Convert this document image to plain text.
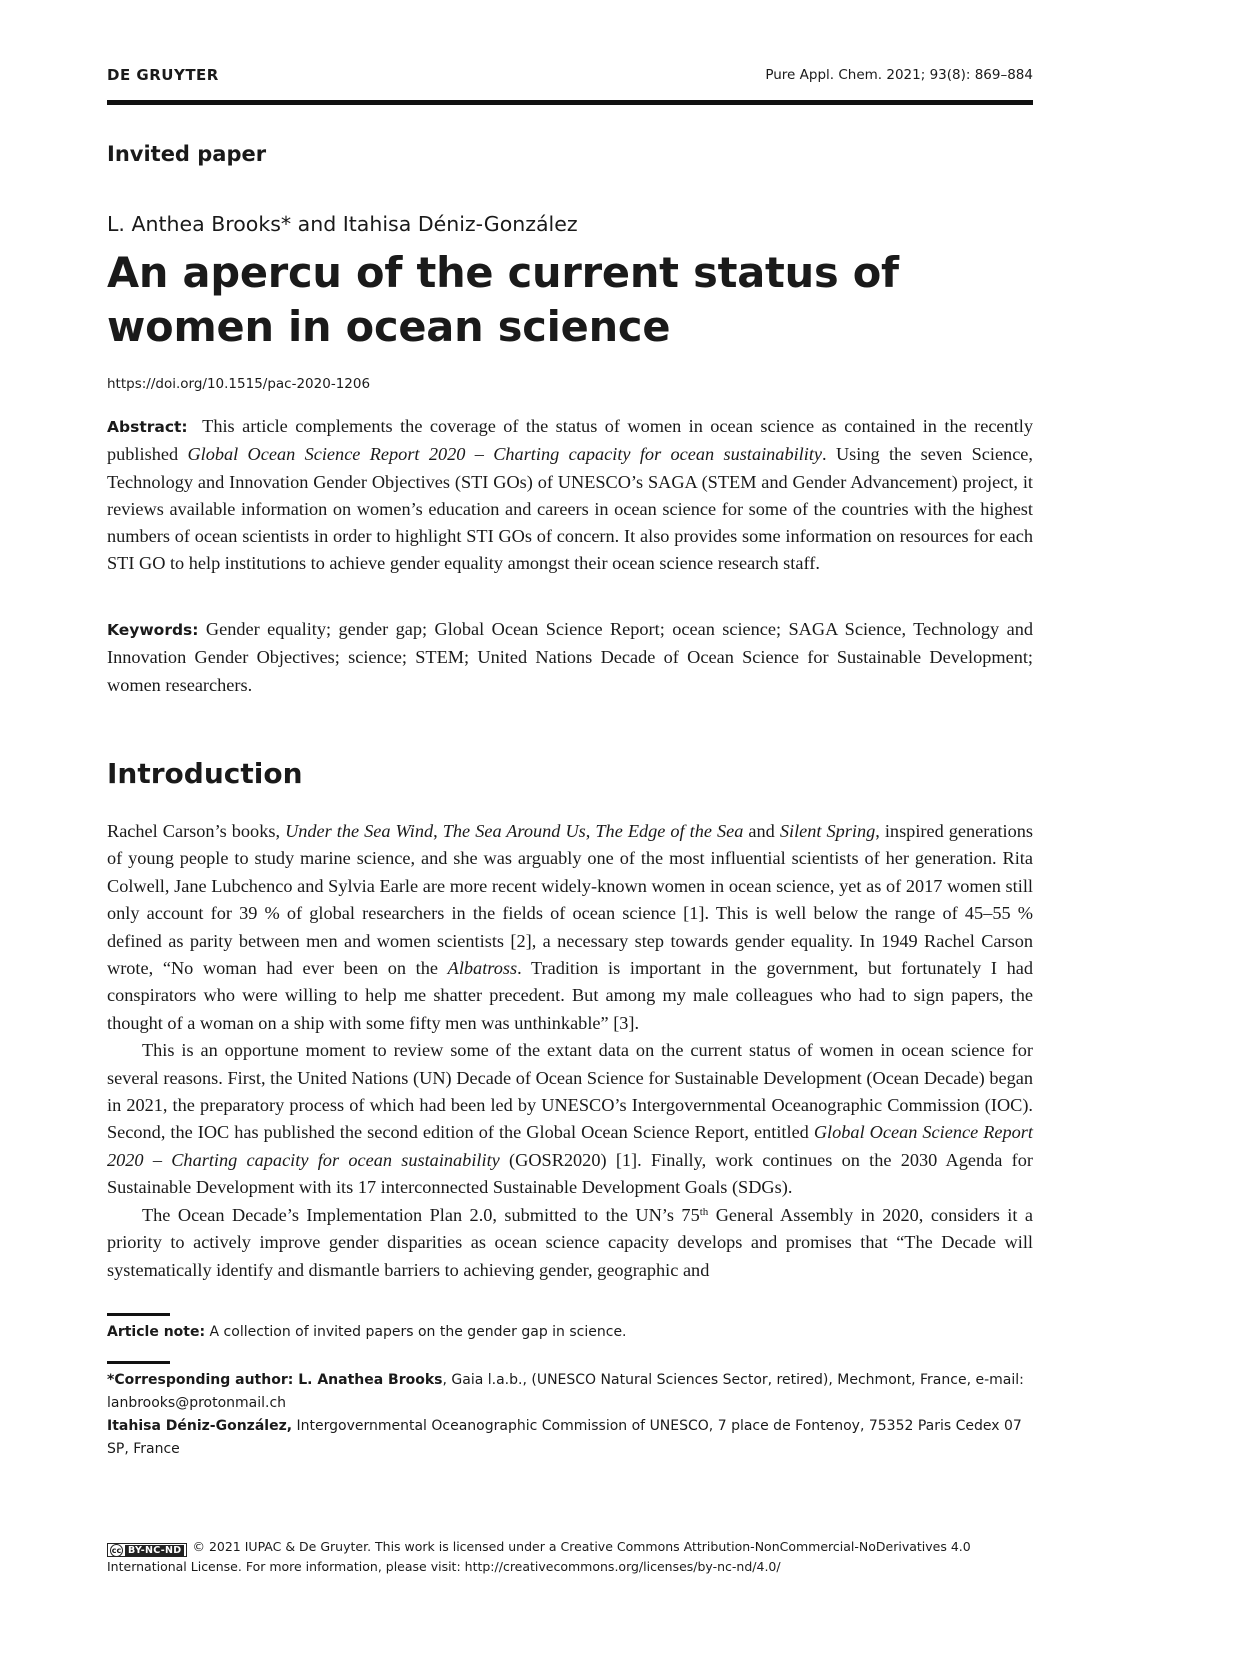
DE GRUYTER	Pure Appl. Chem. 2021; 93(8): 869–884
Invited paper
L. Anthea Brooks* and Itahisa Déniz-González
An apercu of the current status of women in ocean science
https://doi.org/10.1515/pac-2020-1206

Abstract: This article complements the coverage of the status of women in ocean science as contained in the recently published Global Ocean Science Report 2020 – Charting capacity for ocean sustainability. Using the seven Science, Technology and Innovation Gender Objectives (STI GOs) of UNESCO’s SAGA (STEM and Gender Advancement) project, it reviews available information on women’s education and careers in ocean science for some of the countries with the highest numbers of ocean scientists in order to highlight STI GOs of concern. It also provides some information on resources for each STI GO to help institutions to achieve gender equality amongst their ocean science research staff.

Keywords: Gender equality; gender gap; Global Ocean Science Report; ocean science; SAGA Science, Technology and Innovation Gender Objectives; science; STEM; United Nations Decade of Ocean Science for Sustainable Development; women researchers.

Introduction

Rachel Carson’s books, Under the Sea Wind, The Sea Around Us, The Edge of the Sea and Silent Spring, inspired generations of young people to study marine science, and she was arguably one of the most influential scientists of her generation. Rita Colwell, Jane Lubchenco and Sylvia Earle are more recent widely-known women in ocean science, yet as of 2017 women still only account for 39 % of global researchers in the fields of ocean science [1]. This is well below the range of 45–55 % defined as parity between men and women scientists [2], a necessary step towards gender equality. In 1949 Rachel Carson wrote, “No woman had ever been on the Albatross. Tradition is important in the government, but fortunately I had conspirators who were willing to help me shatter precedent. But among my male colleagues who had to sign papers, the thought of a woman on a ship with some fifty men was unthinkable” [3].

This is an opportune moment to review some of the extant data on the current status of women in ocean science for several reasons. First, the United Nations (UN) Decade of Ocean Science for Sustainable Development (Ocean Decade) began in 2021, the preparatory process of which had been led by UNESCO’s Intergovernmental Oceanographic Commission (IOC). Second, the IOC has published the second edition of the Global Ocean Science Report, entitled Global Ocean Science Report 2020 – Charting capacity for ocean sustainability (GOSR2020) [1]. Finally, work continues on the 2030 Agenda for Sustainable Development with its 17 interconnected Sustainable Development Goals (SDGs).

The Ocean Decade’s Implementation Plan 2.0, submitted to the UN’s 75th General Assembly in 2020, considers it a priority to actively improve gender disparities as ocean science capacity develops and promises that “The Decade will systematically identify and dismantle barriers to achieving gender, geographic and

Article note: A collection of invited papers on the gender gap in science.

*Corresponding author: L. Anathea Brooks, Gaia l.a.b., (UNESCO Natural Sciences Sector, retired), Mechmont, France, e-mail: lanbrooks@protonmail.ch

Itahisa Déniz-González, Intergovernmental Oceanographic Commission of UNESCO, 7 place de Fontenoy, 75352 Paris Cedex 07 SP, France

cc BY-NC-ND © 2021 IUPAC & De Gruyter. This work is licensed under a Creative Commons Attribution-NonCommercial-NoDerivatives 4.0 International License. For more information, please visit: http://creativecommons.org/licenses/by-nc-nd/4.0/
